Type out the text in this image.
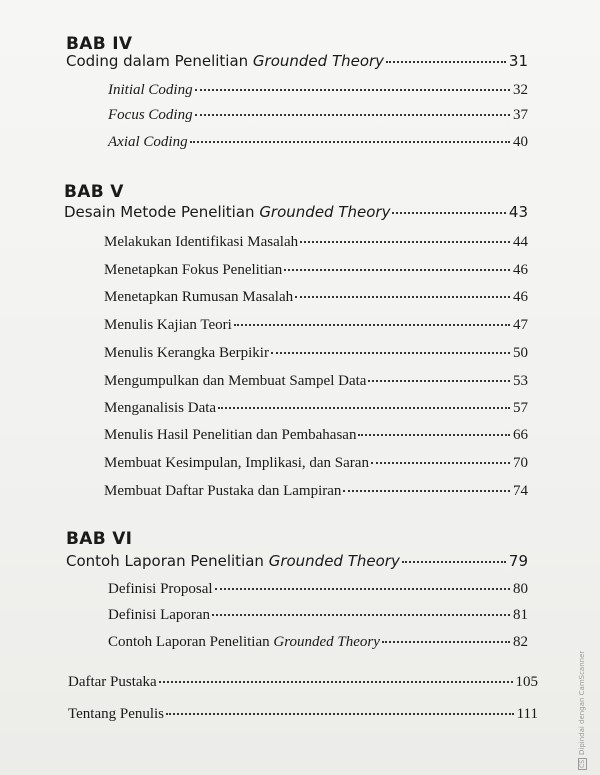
BAB IV
Coding dalam Penelitian Grounded Theory	31
Initial Coding	32
Focus Coding	37
Axial Coding	40
BAB V
Desain Metode Penelitian Grounded Theory	43
Melakukan Identifikasi Masalah	44
Menetapkan Fokus Penelitian	46
Menetapkan Rumusan Masalah	46
Menulis Kajian Teori	47
Menulis Kerangka Berpikir	50
Mengumpulkan dan Membuat Sampel Data	53
Menganalisis Data	57
Menulis Hasil Penelitian dan Pembahasan	66
Membuat Kesimpulan, Implikasi, dan Saran	70
Membuat Daftar Pustaka dan Lampiran	74
BAB VI
Contoh Laporan Penelitian Grounded Theory	79
Definisi Proposal	80
Definisi Laporan	81
Contoh Laporan Penelitian Grounded Theory	82
Daftar Pustaka	105
Tentang Penulis	111
CSDipindai dengan CamScanner
